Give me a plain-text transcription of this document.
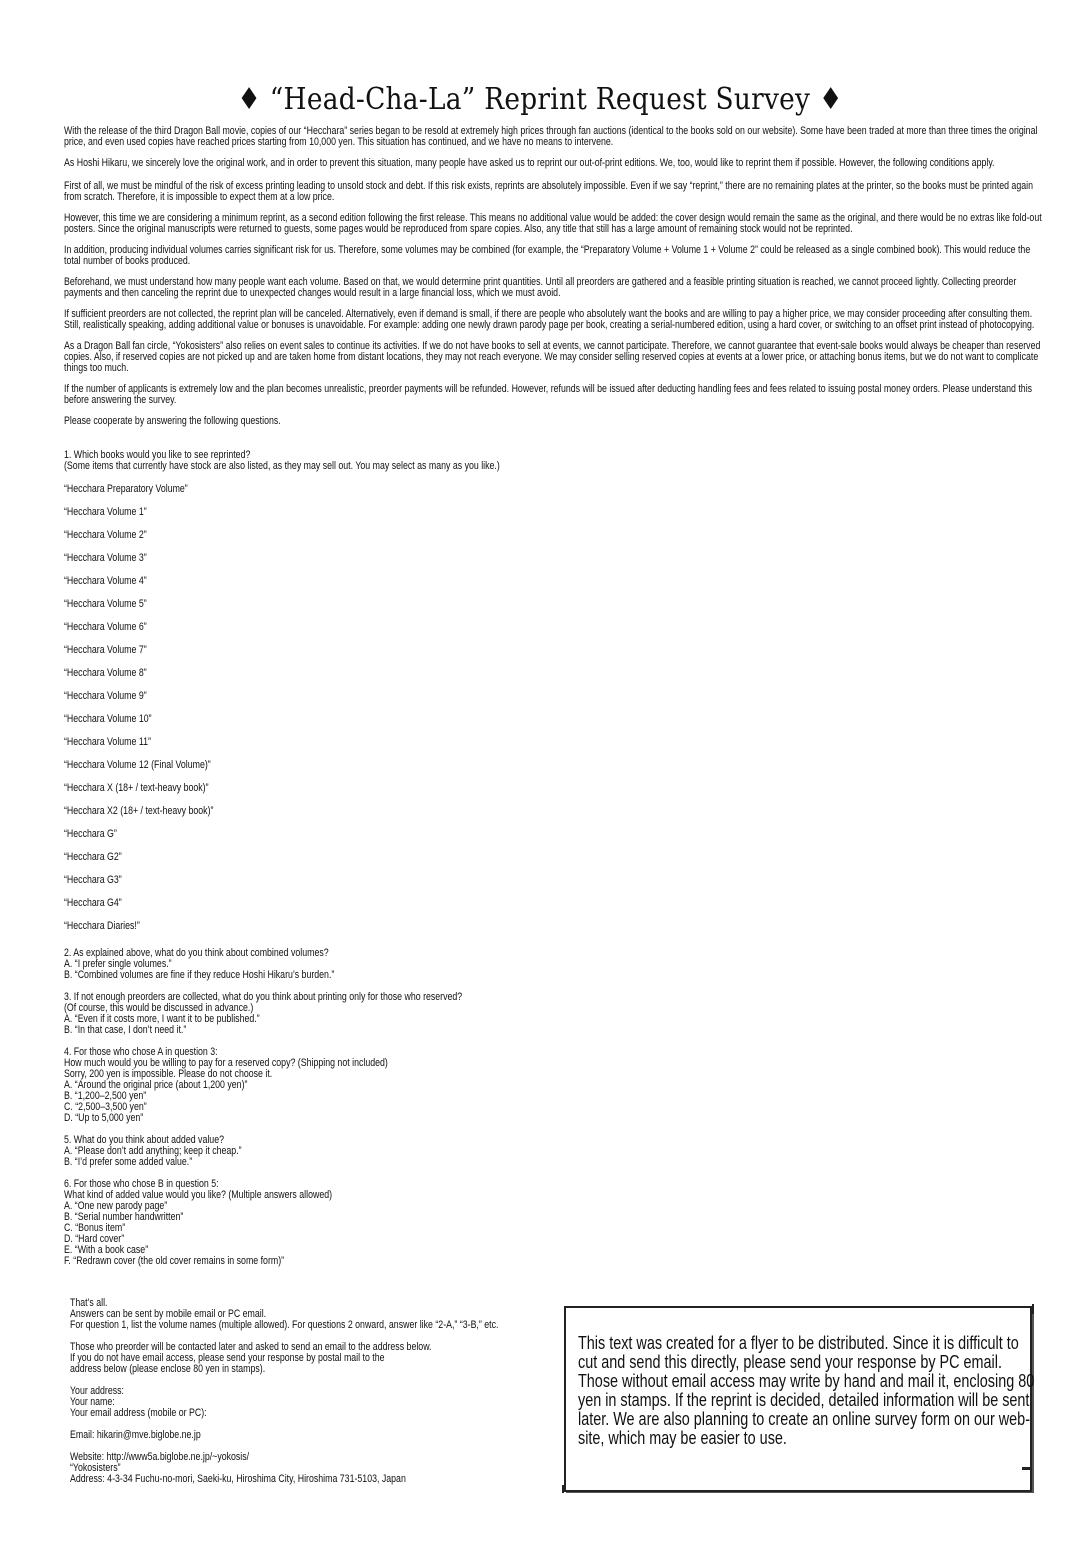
♦ “Head-Cha-La” Reprint Request Survey ♦
With the release of the third Dragon Ball movie, copies of our “Hecchara” series began to be resold at extremely high prices through fan auctions (identical to the books sold on our website). Some have been traded at more than three times the original price, and even used copies have reached prices starting from 10,000 yen. This situation has continued, and we have no means to intervene.
As Hoshi Hikaru, we sincerely love the original work, and in order to prevent this situation, many people have asked us to reprint our out-of-print editions. We, too, would like to reprint them if possible. However, the following conditions apply.
First of all, we must be mindful of the risk of excess printing leading to unsold stock and debt. If this risk exists, reprints are absolutely impossible. Even if we say “reprint,” there are no remaining plates at the printer, so the books must be printed again from scratch. Therefore, it is impossible to expect them at a low price.
However, this time we are considering a minimum reprint, as a second edition following the first release. This means no additional value would be added: the cover design would remain the same as the original, and there would be no extras like fold-out posters. Since the original manuscripts were returned to guests, some pages would be reproduced from spare copies. Also, any title that still has a large amount of remaining stock would not be reprinted.
In addition, producing individual volumes carries significant risk for us. Therefore, some volumes may be combined (for example, the “Preparatory Volume + Volume 1 + Volume 2” could be released as a single combined book). This would reduce the total number of books produced.
Beforehand, we must understand how many people want each volume. Based on that, we would determine print quantities. Until all preorders are gathered and a feasible printing situation is reached, we cannot proceed lightly. Collecting preorder payments and then canceling the reprint due to unexpected changes would result in a large financial loss, which we must avoid.
If sufficient preorders are not collected, the reprint plan will be canceled. Alternatively, even if demand is small, if there are people who absolutely want the books and are willing to pay a higher price, we may consider proceeding after consulting them. Still, realistically speaking, adding additional value or bonuses is unavoidable. For example: adding one newly drawn parody page per book, creating a serial-numbered edition, using a hard cover, or switching to an offset print instead of photocopying.
As a Dragon Ball fan circle, “Yokosisters” also relies on event sales to continue its activities. If we do not have books to sell at events, we cannot participate. Therefore, we cannot guarantee that event-sale books would always be cheaper than reserved copies. Also, if reserved copies are not picked up and are taken home from distant locations, they may not reach everyone. We may consider selling reserved copies at events at a lower price, or attaching bonus items, but we do not want to complicate things too much.
If the number of applicants is extremely low and the plan becomes unrealistic, preorder payments will be refunded. However, refunds will be issued after deducting handling fees and fees related to issuing postal money orders. Please understand this before answering the survey.
Please cooperate by answering the following questions.
1. Which books would you like to see reprinted?
(Some items that currently have stock are also listed, as they may sell out. You may select as many as you like.)
“Hecchara Preparatory Volume”
“Hecchara Volume 1”
“Hecchara Volume 2”
“Hecchara Volume 3”
“Hecchara Volume 4”
“Hecchara Volume 5”
“Hecchara Volume 6”
“Hecchara Volume 7”
“Hecchara Volume 8”
“Hecchara Volume 9”
“Hecchara Volume 10”
“Hecchara Volume 11”
“Hecchara Volume 12 (Final Volume)”
“Hecchara X (18+ / text-heavy book)”
“Hecchara X2 (18+ / text-heavy book)”
“Hecchara G”
“Hecchara G2”
“Hecchara G3”
“Hecchara G4”
“Hecchara Diaries!”
2. As explained above, what do you think about combined volumes?
A. “I prefer single volumes.”
B. “Combined volumes are fine if they reduce Hoshi Hikaru’s burden.”
3. If not enough preorders are collected, what do you think about printing only for those who reserved?
(Of course, this would be discussed in advance.)
A. “Even if it costs more, I want it to be published.”
B. “In that case, I don’t need it.”
4. For those who chose A in question 3:
How much would you be willing to pay for a reserved copy? (Shipping not included)
Sorry, 200 yen is impossible. Please do not choose it.
A. “Around the original price (about 1,200 yen)”
B. “1,200–2,500 yen”
C. “2,500–3,500 yen”
D. “Up to 5,000 yen”
5. What do you think about added value?
A. “Please don’t add anything; keep it cheap.”
B. “I’d prefer some added value.”
6. For those who chose B in question 5:
What kind of added value would you like? (Multiple answers allowed)
A. “One new parody page”
B. “Serial number handwritten”
C. “Bonus item”
D. “Hard cover”
E. “With a book case”
F. “Redrawn cover (the old cover remains in some form)”
That’s all.
Answers can be sent by mobile email or PC email.
For question 1, list the volume names (multiple allowed). For questions 2 onward, answer like “2-A,” “3-B,” etc.
Those who preorder will be contacted later and asked to send an email to the address below.
If you do not have email access, please send your response by postal mail to the
address below (please enclose 80 yen in stamps).
Your address:
Your name:
Your email address (mobile or PC):
Email: hikarin@mve.biglobe.ne.jp
Website: http://www5a.biglobe.ne.jp/~yokosis/
“Yokosisters”
Address: 4-3-34 Fuchu-no-mori, Saeki-ku, Hiroshima City, Hiroshima 731-5103, Japan
This text was created for a flyer to be distributed. Since it is difficult to
cut and send this directly, please send your response by PC email.
Those without email access may write by hand and mail it, enclosing 80
yen in stamps. If the reprint is decided, detailed information will be sent
later. We are also planning to create an online survey form on our web-
site, which may be easier to use.
